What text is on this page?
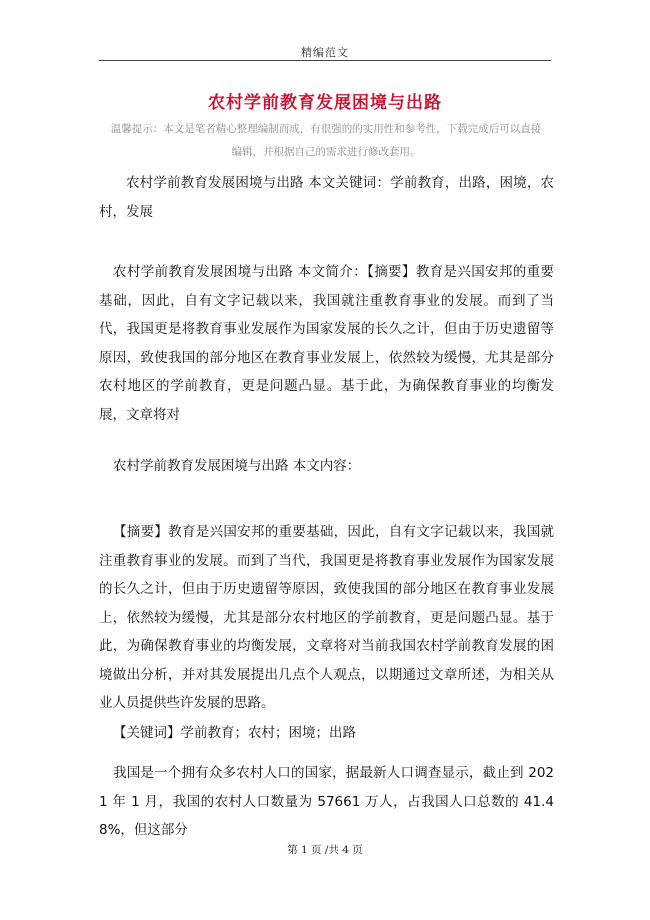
精编范文
农村学前教育发展困境与出路
温馨提示：本文是笔者精心整理编制而成，有很强的的实用性和参考性，下载完成后可以直接
编辑，并根据自己的需求进行修改套用。

农村学前教育发展困境与出路 本文关键词：学前教育，出路，困境，农村，发展

农村学前教育发展困境与出路 本文简介：【摘要】教育是兴国安邦的重要基础，因此，自有文字记载以来，我国就注重教育事业的发展。而到了当代，我国更是将教育事业发展作为国家发展的长久之计，但由于历史遗留等原因，致使我国的部分地区在教育事业发展上，依然较为缓慢，尤其是部分农村地区的学前教育，更是问题凸显。基于此，为确保教育事业的均衡发展，文章将对

农村学前教育发展困境与出路 本文内容：

【摘要】教育是兴国安邦的重要基础，因此，自有文字记载以来，我国就注重教育事业的发展。而到了当代，我国更是将教育事业发展作为国家发展的长久之计，但由于历史遗留等原因，致使我国的部分地区在教育事业发展上，依然较为缓慢，尤其是部分农村地区的学前教育，更是问题凸显。基于此，为确保教育事业的均衡发展，文章将对当前我国农村学前教育发展的困境做出分析，并对其发展提出几点个人观点，以期通过文章所述，为相关从业人员提供些许发展的思路。

【关键词】学前教育；农村；困境；出路

我国是一个拥有众多农村人口的国家，据最新人口调查显示，截止到 2021 年 1 月，我国的农村人口数量为 57661 万人，占我国人口总数的 41.48%，但这部分

第 1 页 /共 4 页
